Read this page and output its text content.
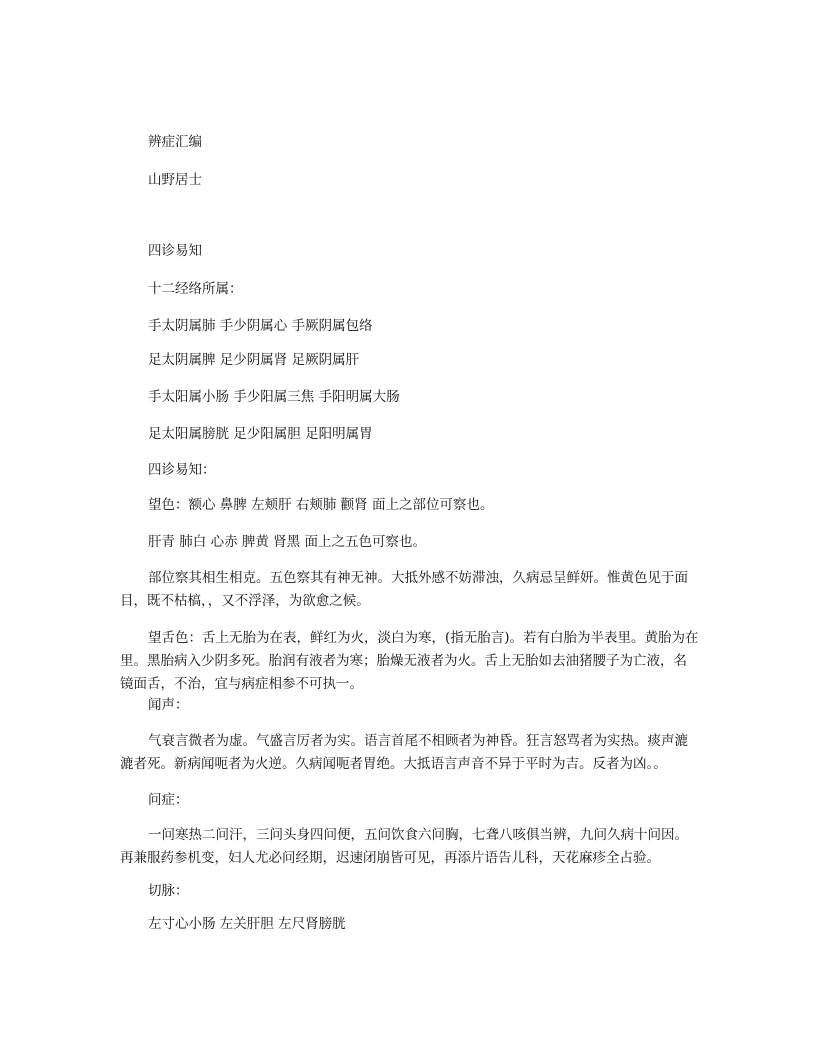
辨症汇编

山野居士

四诊易知

十二经络所属：

手太阴属肺 手少阴属心 手厥阴属包络

足太阴属脾 足少阴属肾 足厥阴属肝

手太阳属小肠 手少阳属三焦 手阳明属大肠

足太阳属膀胱 足少阳属胆 足阳明属胃

四诊易知：

望色：额心 鼻脾 左颊肝 右颊肺 颧肾 面上之部位可察也。

肝青 肺白 心赤 脾黄 肾黑 面上之五色可察也。

部位察其相生相克。五色察其有神无神。大抵外感不妨滞浊，久病忌呈鲜妍。惟黄色见于面目，既不枯槁，，又不浮泽，为欲愈之候。

望舌色：舌上无胎为在表，鲜红为火，淡白为寒，(指无胎言)。若有白胎为半表里。黄胎为在里。黑胎病入少阴多死。胎润有液者为寒；胎燥无液者为火。舌上无胎如去油猪腰子为亡液，名镜面舌，不治，宜与病症相参不可执一。

闻声：

气衰言微者为虚。气盛言厉者为实。语言首尾不相顾者为神昏。狂言怒骂者为实热。痰声漉漉者死。新病闻呃者为火逆。久病闻呃者胃绝。大抵语言声音不异于平时为吉。反者为凶。。

问症：

一问寒热二问汗，三问头身四问便，五问饮食六问胸，七聋八咳俱当辨，九问久病十问因。再兼服药参机变，妇人尤必问经期，迟速闭崩皆可见，再添片语告儿科，天花麻疹全占验。

切脉：

左寸心小肠 左关肝胆 左尺肾膀胱
